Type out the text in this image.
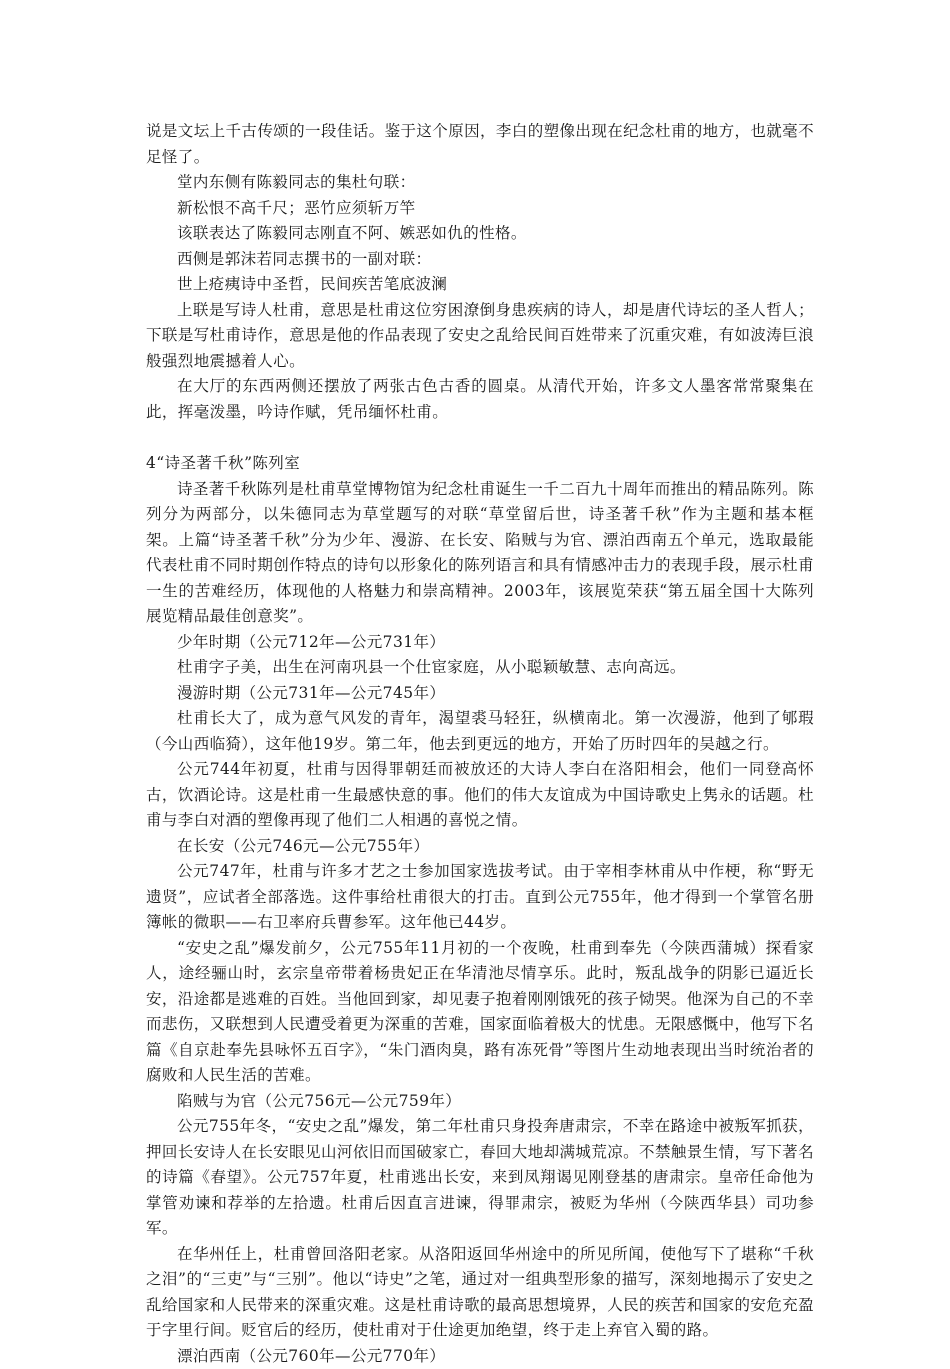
说是文坛上千古传颂的一段佳话。鉴于这个原因，李白的塑像出现在纪念杜甫的地方，也就毫不足怪了。

堂内东侧有陈毅同志的集杜句联：

新松恨不高千尺；恶竹应须斩万竿

该联表达了陈毅同志刚直不阿、嫉恶如仇的性格。

西侧是郭沫若同志撰书的一副对联：

世上疮痍诗中圣哲，民间疾苦笔底波澜

上联是写诗人杜甫，意思是杜甫这位穷困潦倒身患疾病的诗人，却是唐代诗坛的圣人哲人；下联是写杜甫诗作，意思是他的作品表现了安史之乱给民间百姓带来了沉重灾难，有如波涛巨浪般强烈地震撼着人心。

在大厅的东西两侧还摆放了两张古色古香的圆桌。从清代开始，许多文人墨客常常聚集在此，挥毫泼墨，吟诗作赋，凭吊缅怀杜甫。

4“诗圣著千秋”陈列室

诗圣著千秋陈列是杜甫草堂博物馆为纪念杜甫诞生一千二百九十周年而推出的精品陈列。陈列分为两部分，以朱德同志为草堂题写的对联“草堂留后世，诗圣著千秋”作为主题和基本框架。上篇“诗圣著千秋”分为少年、漫游、在长安、陷贼与为官、漂泊西南五个单元，选取最能代表杜甫不同时期创作特点的诗句以形象化的陈列语言和具有情感冲击力的表现手段，展示杜甫一生的苦难经历，体现他的人格魅力和崇高精神。2003年，该展览荣获“第五届全国十大陈列展览精品最佳创意奖”。

少年时期（公元712年—公元731年）

杜甫字子美，出生在河南巩县一个仕宦家庭，从小聪颖敏慧、志向高远。

漫游时期（公元731年—公元745年）

杜甫长大了，成为意气风发的青年，渴望裘马轻狂，纵横南北。第一次漫游，他到了郇瑕（今山西临猗），这年他19岁。第二年，他去到更远的地方，开始了历时四年的吴越之行。

公元744年初夏，杜甫与因得罪朝廷而被放还的大诗人李白在洛阳相会，他们一同登高怀古，饮酒论诗。这是杜甫一生最感快意的事。他们的伟大友谊成为中国诗歌史上隽永的话题。杜甫与李白对酒的塑像再现了他们二人相遇的喜悦之情。

在长安（公元746元—公元755年）

公元747年，杜甫与许多才艺之士参加国家选拔考试。由于宰相李林甫从中作梗，称“野无遗贤”，应试者全部落选。这件事给杜甫很大的打击。直到公元755年，他才得到一个掌管名册簿帐的微职——右卫率府兵曹参军。这年他已44岁。

“安史之乱”爆发前夕，公元755年11月初的一个夜晚，杜甫到奉先（今陕西蒲城）探看家人，途经骊山时，玄宗皇帝带着杨贵妃正在华清池尽情享乐。此时，叛乱战争的阴影已逼近长安，沿途都是逃难的百姓。当他回到家，却见妻子抱着刚刚饿死的孩子恸哭。他深为自己的不幸而悲伤，又联想到人民遭受着更为深重的苦难，国家面临着极大的忧患。无限感慨中，他写下名篇《自京赴奉先县咏怀五百字》，“朱门酒肉臭，路有冻死骨”等图片生动地表现出当时统治者的腐败和人民生活的苦难。

陷贼与为官（公元756元—公元759年）

公元755年冬，“安史之乱”爆发，第二年杜甫只身投奔唐肃宗，不幸在路途中被叛军抓获，押回长安诗人在长安眼见山河依旧而国破家亡，春回大地却满城荒凉。不禁触景生情，写下著名的诗篇《春望》。公元757年夏，杜甫逃出长安，来到凤翔谒见刚登基的唐肃宗。皇帝任命他为掌管劝谏和荐举的左拾遗。杜甫后因直言进谏，得罪肃宗，被贬为华州（今陕西华县）司功参军。

在华州任上，杜甫曾回洛阳老家。从洛阳返回华州途中的所见所闻，使他写下了堪称“千秋之泪”的“三吏”与“三别”。他以“诗史”之笔，通过对一组典型形象的描写，深刻地揭示了安史之乱给国家和人民带来的深重灾难。这是杜甫诗歌的最高思想境界，人民的疾苦和国家的安危充盈于字里行间。贬官后的经历，使杜甫对于仕途更加绝望，终于走上弃官入蜀的路。

漂泊西南（公元760年—公元770年）
